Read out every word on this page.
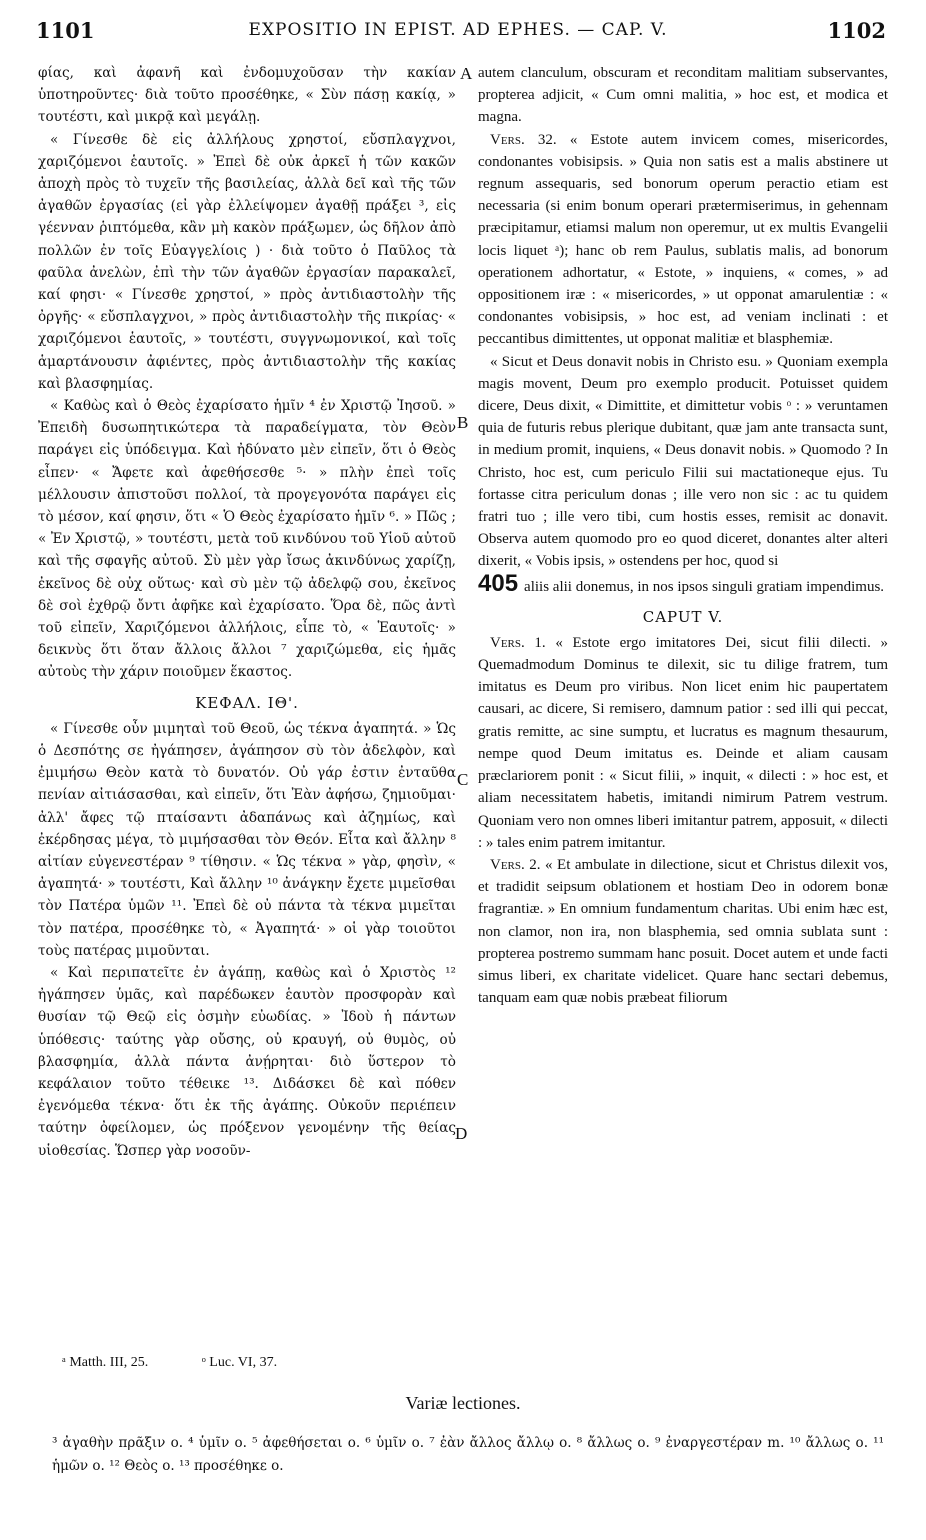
1101	EXPOSITIO IN EPIST. AD EPHES. — CAP. V.	1102
A
B
C
D

φίας, καὶ ἀφανῆ καὶ ἐνδομυχοῦσαν τὴν κακίαν ὑποτηροῦντες· διὰ τοῦτο προσέθηκε, « Σὺν πάσῃ κακίᾳ, » τουτέστι, καὶ μικρᾷ καὶ μεγάλῃ.

« Γίνεσθε δὲ εἰς ἀλλήλους χρηστοί, εὔσπλαγχνοι, χαριζόμενοι ἑαυτοῖς. » Ἐπεὶ δὲ οὐκ ἀρκεῖ ἡ τῶν κακῶν ἀποχὴ πρὸς τὸ τυχεῖν τῆς βασιλείας, ἀλλὰ δεῖ καὶ τῆς τῶν ἀγαθῶν ἐργασίας (εἰ γὰρ ἐλλείψομεν ἀγαθῇ πράξει ³, εἰς γέενναν ῥιπτόμεθα, κἂν μὴ κακὸν πράξωμεν, ὡς δῆλον ἀπὸ πολλῶν ἐν τοῖς Εὐαγγελίοις ) · διὰ τοῦτο ὁ Παῦλος τὰ φαῦλα ἀνελὼν, ἐπὶ τὴν τῶν ἀγαθῶν ἐργασίαν παρακαλεῖ, καί φησι· « Γίνεσθε χρηστοί, » πρὸς ἀντιδιαστολὴν τῆς ὀργῆς· « εὔσπλαγχνοι, » πρὸς ἀντιδιαστολὴν τῆς πικρίας· « χαριζόμενοι ἑαυτοῖς, » τουτέστι, συγγνωμονικοί, καὶ τοῖς ἁμαρτάνουσιν ἀφιέντες, πρὸς ἀντιδιαστολὴν τῆς κακίας καὶ βλασφημίας.

« Καθὼς καὶ ὁ Θεὸς ἐχαρίσατο ἡμῖν ⁴ ἐν Χριστῷ Ἰησοῦ. » Ἐπειδὴ δυσωπητικώτερα τὰ παραδείγματα, τὸν Θεὸν παράγει εἰς ὑπόδειγμα. Καὶ ἠδύνατο μὲν εἰπεῖν, ὅτι ὁ Θεὸς εἶπεν· « Ἄφετε καὶ ἀφεθήσεσθε ⁵· » πλὴν ἐπεὶ τοῖς μέλλουσιν ἀπιστοῦσι πολλοί, τὰ προγεγονότα παράγει εἰς τὸ μέσον, καί φησιν, ὅτι « Ὁ Θεὸς ἐχαρίσατο ἡμῖν ⁶. » Πῶς ; « Ἐν Χριστῷ, » τουτέστι, μετὰ τοῦ κινδύνου τοῦ Υἱοῦ αὐτοῦ καὶ τῆς σφαγῆς αὐτοῦ. Σὺ μὲν γὰρ ἴσως ἀκινδύνως χαρίζῃ, ἐκεῖνος δὲ οὐχ οὕτως· καὶ σὺ μὲν τῷ ἀδελφῷ σου, ἐκεῖνος δὲ σοὶ ἐχθρῷ ὄντι ἀφῆκε καὶ ἐχαρίσατο. Ὅρα δὲ, πῶς ἀντὶ τοῦ εἰπεῖν, Χαριζόμενοι ἀλλήλοις, εἶπε τὸ, « Ἑαυτοῖς· » δεικνὺς ὅτι ὅταν ἄλλοις ἄλλοι ⁷ χαριζώμεθα, εἰς ἡμᾶς αὐτοὺς τὴν χάριν ποιοῦμεν ἕκαστος.

ΚΕΦΑΛ. ΙΘ'.

« Γίνεσθε οὖν μιμηταὶ τοῦ Θεοῦ, ὡς τέκνα ἀγαπητά. » Ὡς ὁ Δεσπότης σε ἠγάπησεν, ἀγάπησον σὺ τὸν ἀδελφὸν, καὶ ἐμιμήσω Θεὸν κατὰ τὸ δυνατόν. Οὐ γάρ ἐστιν ἐνταῦθα πενίαν αἰτιάσασθαι, καὶ εἰπεῖν, ὅτι Ἐὰν ἀφήσω, ζημιοῦμαι· ἀλλ' ἄφες τῷ πταίσαντι ἀδαπάνως καὶ ἀζημίως, καὶ ἐκέρδησας μέγα, τὸ μιμήσασθαι τὸν Θεόν. Εἶτα καὶ ἄλλην ⁸ αἰτίαν εὐγενεστέραν ⁹ τίθησιν. « Ὡς τέκνα » γὰρ, φησὶν, « ἀγαπητά· » τουτέστι, Καὶ ἄλλην ¹⁰ ἀνάγκην ἔχετε μιμεῖσθαι τὸν Πατέρα ὑμῶν ¹¹. Ἐπεὶ δὲ οὐ πάντα τὰ τέκνα μιμεῖται τὸν πατέρα, προσέθηκε τὸ, « Ἀγαπητά· » οἱ γὰρ τοιοῦτοι τοὺς πατέρας μιμοῦνται.

« Καὶ περιπατεῖτε ἐν ἀγάπῃ, καθὼς καὶ ὁ Χριστὸς ¹² ἠγάπησεν ὑμᾶς, καὶ παρέδωκεν ἑαυτὸν προσφορὰν καὶ θυσίαν τῷ Θεῷ εἰς ὀσμὴν εὐωδίας. » Ἰδοὺ ἡ πάντων ὑπόθεσις· ταύτης γὰρ οὔσης, οὐ κραυγή, οὐ θυμὸς, οὐ βλασφημία, ἀλλὰ πάντα ἀνῄρηται· διὸ ὕστερον τὸ κεφάλαιον τοῦτο τέθεικε ¹³. Διδάσκει δὲ καὶ πόθεν ἐγενόμεθα τέκνα· ὅτι ἐκ τῆς ἀγάπης. Οὐκοῦν περιέπειν ταύτην ὀφείλομεν, ὡς πρόξενον γενομένην τῆς θείας υἱοθεσίας. Ὥσπερ γὰρ νοσοῦν-

autem clanculum, obscuram et reconditam malitiam subservantes, propterea adjicit, « Cum omni malitia, » hoc est, et modica et magna.

Vers. 32. « Estote autem invicem comes, misericordes, condonantes vobisipsis. » Quia non satis est a malis abstinere ut regnum assequaris, sed bonorum operum peractio etiam est necessaria (si enim bonum operari prætermiserimus, in gehennam præcipitamur, etiamsi malum non operemur, ut ex multis Evangelii locis liquet ᵃ); hanc ob rem Paulus, sublatis malis, ad bonorum operationem adhortatur, « Estote, » inquiens, « comes, » ad oppositionem iræ : « misericordes, » ut opponat amarulentiæ : « condonantes vobisipsis, » hoc est, ad veniam inclinati : et peccantibus dimittentes, ut opponat malitiæ et blasphemiæ.

« Sicut et Deus donavit nobis in Christo esu. » Quoniam exempla magis movent, Deum pro exemplo producit. Potuisset quidem dicere, Deus dixit, « Dimittite, et dimittetur vobis ᵒ : » veruntamen quia de futuris rebus plerique dubitant, quæ jam ante transacta sunt, in medium promit, inquiens, « Deus donavit nobis. » Quomodo ? In Christo, hoc est, cum periculo Filii sui mactationeque ejus. Tu fortasse citra periculum donas ; ille vero non sic : ac tu quidem fratri tuo ; ille vero tibi, cum hostis esses, remisit ac donavit. Observa autem quomodo pro eo quod diceret, donantes alter alteri dixerit, « Vobis ipsis, » ostendens per hoc, quod si

405 aliis alii donemus, in nos ipsos singuli gratiam impendimus.

CAPUT V.

Vers. 1. « Estote ergo imitatores Dei, sicut filii dilecti. » Quemadmodum Dominus te dilexit, sic tu dilige fratrem, tum imitatus es Deum pro viribus. Non licet enim hic paupertatem causari, ac dicere, Si remisero, damnum patior : sed illi qui peccat, gratis remitte, ac sine sumptu, et lucratus es magnum thesaurum, nempe quod Deum imitatus es. Deinde et aliam causam præclariorem ponit : « Sicut filii, » inquit, « dilecti : » hoc est, et aliam necessitatem habetis, imitandi nimirum Patrem vestrum. Quoniam vero non omnes liberi imitantur patrem, apposuit, « dilecti : » tales enim patrem imitantur.

Vers. 2. « Et ambulate in dilectione, sicut et Christus dilexit vos, et tradidit seipsum oblationem et hostiam Deo in odorem bonæ fragrantiæ. » En omnium fundamentum charitas. Ubi enim hæc est, non clamor, non ira, non blasphemia, sed omnia sublata sunt : propterea postremo summam hanc posuit. Docet autem et unde facti simus liberi, ex charitate videlicet. Quare hanc sectari debemus, tanquam eam quæ nobis præbeat filiorum

ᵃ Matth. III, 25.	ᵒ Luc. VI, 37.
Variæ lectiones.
³ ἀγαθὴν πρᾶξιν ο. ⁴ ὑμῖν ο. ⁵ ἀφεθήσεται ο. ⁶ ὑμῖν ο. ⁷ ἐὰν ἄλλος ἄλλῳ ο. ⁸ ἄλλως ο. ⁹ ἐναργεστέραν m. ¹⁰ ἄλλως ο. ¹¹ ἡμῶν ο. ¹² Θεὸς ο. ¹³ προσέθηκε ο.
